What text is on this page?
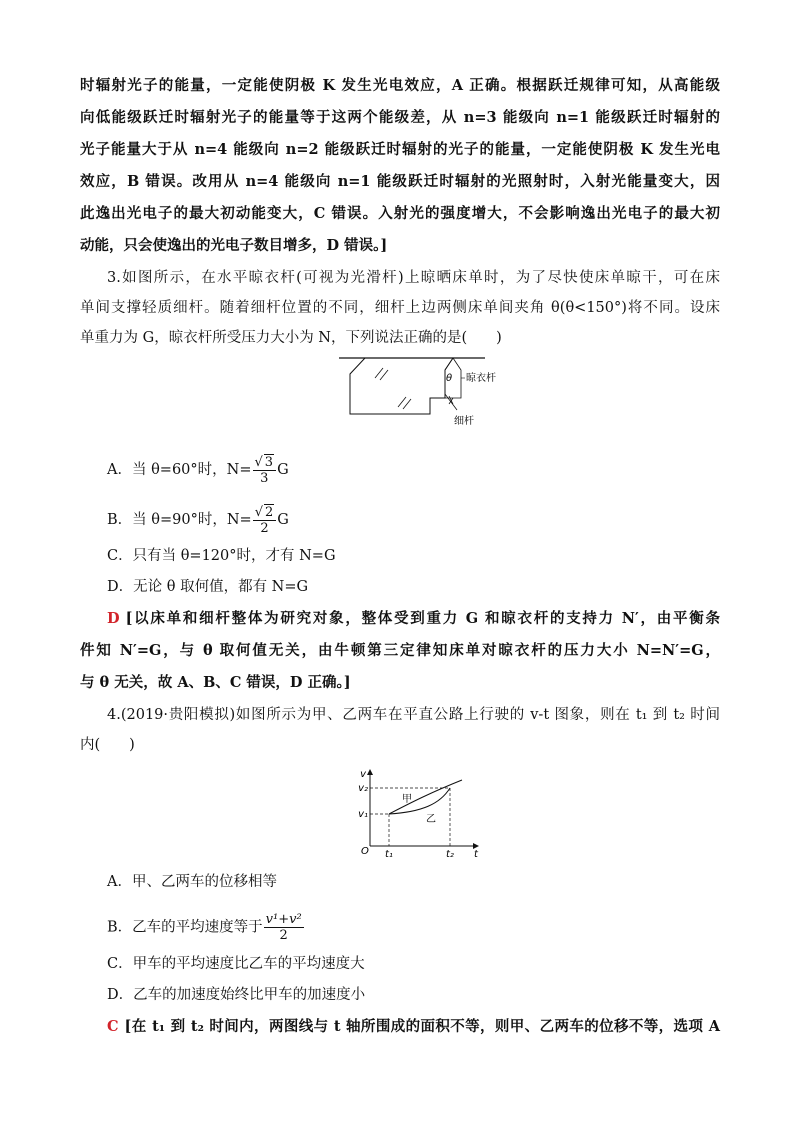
时辐射光子的能量，一定能使阴极 K 发生光电效应，A 正确。根据跃迁规律可知，从高能级
向低能级跃迁时辐射光子的能量等于这两个能级差，从 n=3 能级向 n=1 能级跃迁时辐射的
光子能量大于从 n=4 能级向 n=2 能级跃迁时辐射的光子的能量，一定能使阴极 K 发生光电
效应，B 错误。改用从 n=4 能级向 n=1 能级跃迁时辐射的光照射时，入射光能量变大，因
此逸出光电子的最大初动能变大，C 错误。入射光的强度增大，不会影响逸出光电子的最大初
动能，只会使逸出的光电子数目增多，D 错误。]
3.如图所示，在水平晾衣杆(可视为光滑杆)上晾晒床单时，为了尽快使床单晾干，可在床
单间支撑轻质细杆。随着细杆位置的不同，细杆上边两侧床单间夹角 θ(θ<150°)将不同。设床
单重力为 G，晾衣杆所受压力大小为 N，下列说法正确的是(　　)
晾衣杆
细杆
θ
A．当 θ=60°时，$N= \frac{√ 3}{3}$ G
B．当 θ=90°时，$N= \frac{√ 2}{2}$ G
C．只有当 θ=120°时，才有 N=G
D．无论 θ 取何值，都有 N=G
D [以床单和细杆整体为研究对象，整体受到重力 G 和晾衣杆的支持力 N′，由平衡条
件知 N′=G，与 θ 取何值无关，由牛顿第三定律知床单对晾衣杆的压力大小 N=N′=G，
与 θ 无关，故 A、B、C 错误，D 正确。]
4.(2019·贵阳模拟)如图所示为甲、乙两车在平直公路上行驶的 v-t 图象，则在 t₁ 到 t₂ 时间
内(　　)
v
t
O
v₂
v₁
t₁	t₂
甲
乙
A．甲、乙两车的位移相等
B．乙车的平均速度等于 $\frac{\text{v¹+v²}}{2}$
C．甲车的平均速度比乙车的平均速度大
D．乙车的加速度始终比甲车的加速度小
C [在 t₁ 到 t₂ 时间内，两图线与 t 轴所围成的面积不等，则甲、乙两车的位移不等，选项 A
